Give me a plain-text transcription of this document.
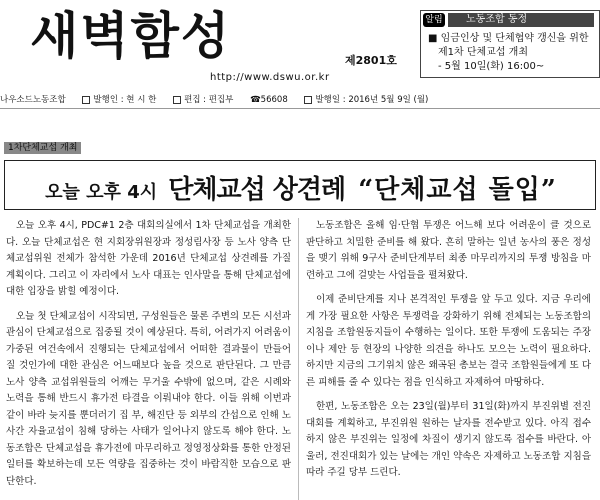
새벽함성
http://www.dswu.or.kr
제2801호
알림	노동조합 동정
■ 임금인상 및 단체협약 갱신을 위한
제1차 단체교섭 개최
- 5월 10일(화) 16:00~
나우소드노동조합	발행인 : 현 시 한	편집 : 편집부 ☎56608	발행일 : 2016년 5월 9일 (월)
1차단체교섭 개최
오늘 오후 4시 단체교섭 상견례 “단체교섭 돌입”

오늘 오후 4시, PDC#1 2층 대회의실에서 1차 단체교섭을 개최한다. 오늘 단체교섭은 현 지회장위원장과 정성림사장 등 노사 양측 단체교섭위원 전체가 참석한 가운데 2016년 단체교섭 상견례를 가질 계획이다. 그리고 이 자리에서 노사 대표는 인사말을 통해 단체교섭에 대한 입장을 밝힐 예정이다.

오늘 첫 단체교섭이 시작되면, 구성원들은 물론 주변의 모든 시선과 관심이 단체교섭으로 집중될 것이 예상된다. 특히, 어려가지 어려움이 가중된 여건속에서 진행되는 단체교섭에서 어떠한 결과물이 만들어 질 것인가에 대한 관심은 어느때보다 높을 것으로 판단된다. 그 만큼 노사 양측 교섭위원들의 어깨는 무거울 수밖에 없으며, 같은 시례와 노력을 통해 반드시 휴가전 타결을 이뤄내야 한다. 이들 위해 이번과 같이 바라 늦지를 뿐더러기 집 부, 해진단 등 외부의 간섭으로 인해 노사간 자율교섭이 침해 당하는 사태가 일어나지 않도록 해야 한다. 노동조합은 단체교섭을 휴가전에 마무리하고 정영정상화를 통한 안정된 일터를 확보하는데 모든 역량을 집중하는 것이 바람직한 모습으로 판단한다.

노동조합은 올해 임·단협 투쟁은 어느해 보다 어려운이 클 것으로 판단하고 치밀한 준비를 해 왔다. 흔히 말하는 일년 농사의 풍은 정성을 맺기 위해 9구사 준비단계부터 최종 마무리까지의 투쟁 방침을 마련하고 그에 걸맞는 사업들을 펼쳐왔다.

이제 준비단계를 지나 본격적인 투쟁을 앞 두고 있다. 지금 우리에게 가장 필요한 사항은 투쟁력을 강화하기 위해 전체되는 노동조합의 지침을 조합원동지들이 수행하는 일이다. 또한 투쟁에 도움되는 주장이나 제안 등 현장의 나양한 의견을 하나도 모으는 노력이 필요하다. 하지만 지금의 그기위치 않은 왜곡된 총보는 결국 조합원들에게 또 다른 피해를 줄 수 있다는 점을 인식하고 자제하여 마땅하다.

한편, 노동조합은 오는 23일(월)부터 31일(화)까지 부진위별 전진대회를 계획하고, 부진위원 원하는 날자를 전수받고 있다. 아직 접수하지 않은 부진위는 일정에 차질이 생기지 않도록 접수를 바란다. 아울러, 전진대회가 있는 날에는 개인 약속은 자제하고 노동조합 지침을 따라 주길 당부 드린다.
